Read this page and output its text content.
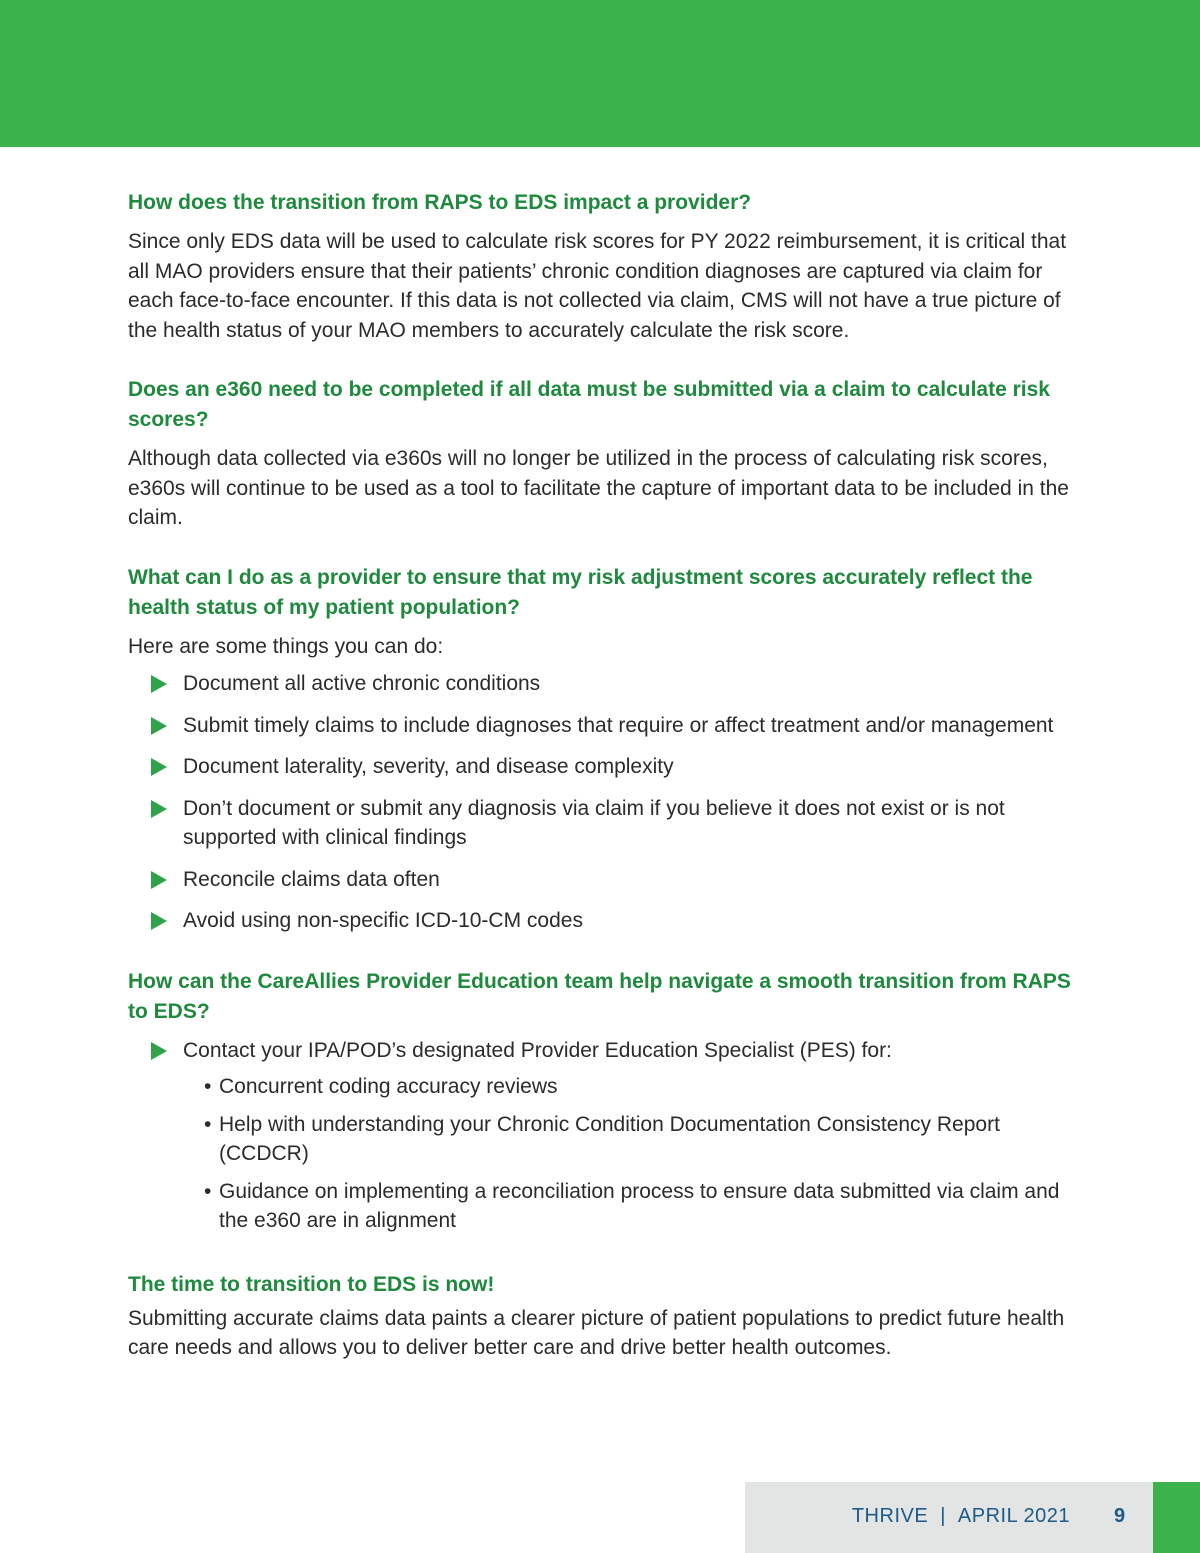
How does the transition from RAPS to EDS impact a provider?

Since only EDS data will be used to calculate risk scores for PY 2022 reimbursement, it is critical that all MAO providers ensure that their patients’ chronic condition diagnoses are captured via claim for each face-to-face encounter. If this data is not collected via claim, CMS will not have a true picture of the health status of your MAO members to accurately calculate the risk score.

Does an e360 need to be completed if all data must be submitted via a claim to calculate risk scores?

Although data collected via e360s will no longer be utilized in the process of calculating risk scores, e360s will continue to be used as a tool to facilitate the capture of important data to be included in the claim.

What can I do as a provider to ensure that my risk adjustment scores accurately reflect the health status of my patient population?

Here are some things you can do:

Document all active chronic conditions
Submit timely claims to include diagnoses that require or affect treatment and/or management
Document laterality, severity, and disease complexity
Don’t document or submit any diagnosis via claim if you believe it does not exist or is not supported with clinical findings
Reconcile claims data often
Avoid using non-specific ICD-10-CM codes
How can the CareAllies Provider Education team help navigate a smooth transition from RAPS to EDS?
Contact your IPA/POD’s designated Provider Education Specialist (PES) for:
• Concurrent coding accuracy reviews
• Help with understanding your Chronic Condition Documentation Consistency Report (CCDCR)
• Guidance on implementing a reconciliation process to ensure data submitted via claim and the e360 are in alignment
The time to transition to EDS is now!

Submitting accurate claims data paints a clearer picture of patient populations to predict future health care needs and allows you to deliver better care and drive better health outcomes.

THRIVE | APRIL 2021 9
